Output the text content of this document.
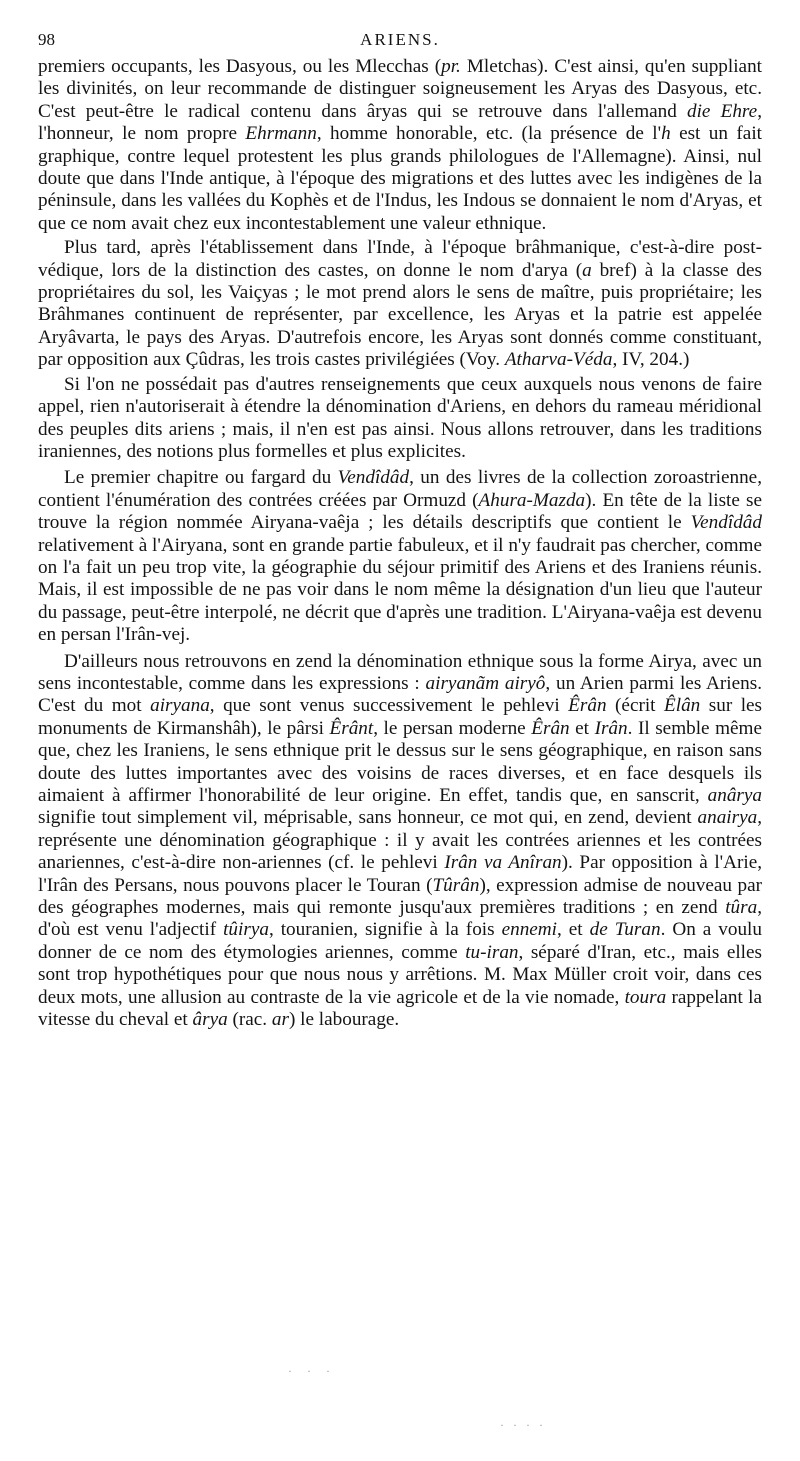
98	ARIENS.

premiers occupants, les Dasyous, ou les Mlecchas (pr. Mletchas). C'est ainsi, qu'en suppliant les divinités, on leur recommande de distinguer soigneusement les Aryas des Dasyous, etc. C'est peut-être le radical contenu dans âryas qui se retrouve dans l'allemand die Ehre, l'honneur, le nom propre Ehrmann, homme honorable, etc. (la présence de l'h est un fait graphique, contre lequel protestent les plus grands philologues de l'Allemagne). Ainsi, nul doute que dans l'Inde antique, à l'époque des migrations et des luttes avec les indigènes de la péninsule, dans les vallées du Kophès et de l'Indus, les Indous se donnaient le nom d'Aryas, et que ce nom avait chez eux incontestablement une valeur ethnique.

Plus tard, après l'établissement dans l'Inde, à l'époque brâhmanique, c'est-à-dire post-védique, lors de la distinction des castes, on donne le nom d'arya (a bref) à la classe des propriétaires du sol, les Vaiçyas ; le mot prend alors le sens de maître, puis propriétaire; les Brâhmanes continuent de représenter, par excellence, les Aryas et la patrie est appelée Aryâvarta, le pays des Aryas. D'autrefois encore, les Aryas sont donnés comme constituant, par opposition aux Çûdras, les trois castes privilégiées (Voy. Atharva-Véda, IV, 204.)

Si l'on ne possédait pas d'autres renseignements que ceux auxquels nous venons de faire appel, rien n'autoriserait à étendre la dénomination d'Ariens, en dehors du rameau méridional des peuples dits ariens ; mais, il n'en est pas ainsi. Nous allons retrouver, dans les traditions iraniennes, des notions plus formelles et plus explicites.

Le premier chapitre ou fargard du Vendîdâd, un des livres de la collection zoroastrienne, contient l'énumération des contrées créées par Ormuzd (Ahura-Mazda). En tête de la liste se trouve la région nommée Airyana-vaêja ; les détails descriptifs que contient le Vendîdâd relativement à l'Airyana, sont en grande partie fabuleux, et il n'y faudrait pas chercher, comme on l'a fait un peu trop vite, la géographie du séjour primitif des Ariens et des Iraniens réunis. Mais, il est impossible de ne pas voir dans le nom même la désignation d'un lieu que l'auteur du passage, peut-être interpolé, ne décrit que d'après une tradition. L'Airyana-vaêja est devenu en persan l'Irân-vej.

D'ailleurs nous retrouvons en zend la dénomination ethnique sous la forme Airya, avec un sens incontestable, comme dans les expressions : airyanãm airyô, un Arien parmi les Ariens. C'est du mot airyana, que sont venus successivement le pehlevi Êrân (écrit Êlân sur les monuments de Kirmanshâh), le pârsi Êrânt, le persan moderne Êrân et Irân. Il semble même que, chez les Iraniens, le sens ethnique prit le dessus sur le sens géographique, en raison sans doute des luttes importantes avec des voisins de races diverses, et en face desquels ils aimaient à affirmer l'honorabilité de leur origine. En effet, tandis que, en sanscrit, anârya signifie tout simplement vil, méprisable, sans honneur, ce mot qui, en zend, devient anairya, représente une dénomination géographique : il y avait les contrées ariennes et les contrées anariennes, c'est-à-dire non-ariennes (cf. le pehlevi Irân va Anîran). Par opposition à l'Arie, l'Irân des Persans, nous pouvons placer le Touran (Tûrân), expression admise de nouveau par des géographes modernes, mais qui remonte jusqu'aux premières traditions ; en zend tûra, d'où est venu l'adjectif tûirya, touranien, signifie à la fois ennemi, et de Turan. On a voulu donner de ce nom des étymologies ariennes, comme tu-iran, séparé d'Iran, etc., mais elles sont trop hypothétiques pour que nous nous y arrêtions. M. Max Müller croit voir, dans ces deux mots, une allusion au contraste de la vie agricole et de la vie nomade, toura rappelant la vitesse du cheval et ârya (rac. ar) le labourage.

· · ·
· · · ·
